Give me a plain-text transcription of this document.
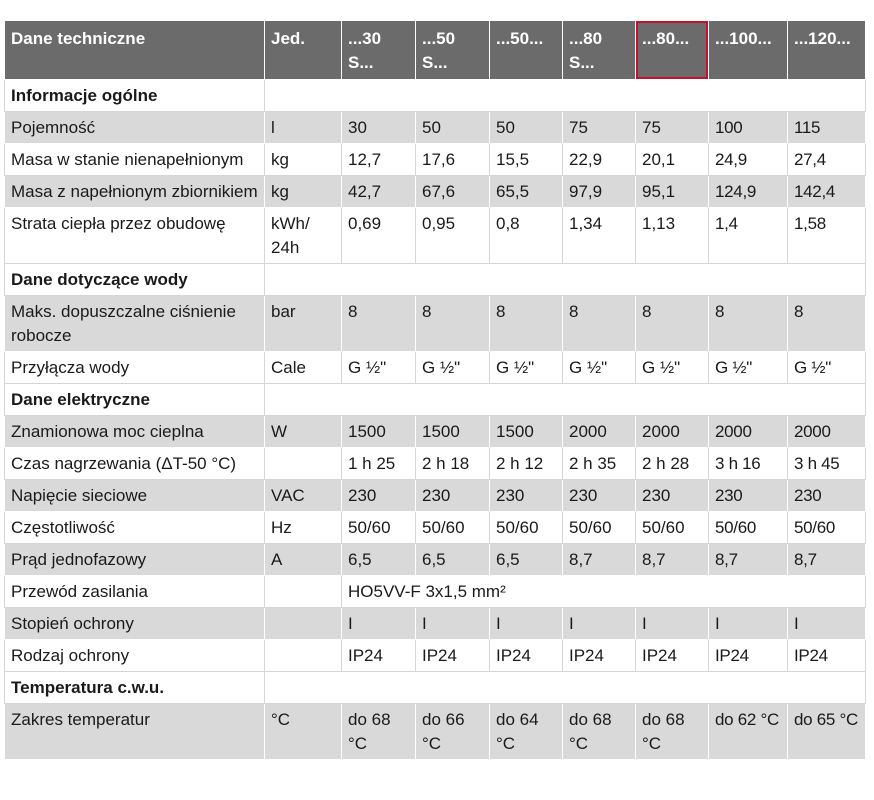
Dane techniczne	Jed.	...30 S...	...50 S...	...50...	...80 S...	...80...	...100...	...120...
Informacje ogólne								
Pojemność	l	30	50	50	75	75	100	115
Masa w stanie nienapełnionym	kg	12,7	17,6	15,5	22,9	20,1	24,9	27,4
Masa z napełnionym zbiornikiem	kg	42,7	67,6	65,5	97,9	95,1	124,9	142,4
Strata ciepła przez obudowę	kWh/ 24h	0,69	0,95	0,8	1,34	1,13	1,4	1,58
Dane dotyczące wody								
Maks. dopuszczalne ciśnienie robocze	bar	8	8	8	8	8	8	8
Przyłącza wody	Cale	G ½"	G ½"	G ½"	G ½"	G ½"	G ½"	G ½"
Dane elektryczne								
Znamionowa moc cieplna	W	1500	1500	1500	2000	2000	2000	2000
Czas nagrzewania (ΔT-50 °C)		1 h 25	2 h 18	2 h 12	2 h 35	2 h 28	3 h 16	3 h 45
Napięcie sieciowe	VAC	230	230	230	230	230	230	230
Częstotliwość	Hz	50/60	50/60	50/60	50/60	50/60	50/60	50/60
Prąd jednofazowy	A	6,5	6,5	6,5	8,7	8,7	8,7	8,7
Przewód zasilania		HO5VV-F 3x1,5 mm²						
Stopień ochrony		I	I	I	I	I	I	I
Rodzaj ochrony		IP24	IP24	IP24	IP24	IP24	IP24	IP24
Temperatura c.w.u.								
Zakres temperatur	°C	do 68 °C	do 66 °C	do 64 °C	do 68 °C	do 68 °C	do 62 °C	do 65 °C
